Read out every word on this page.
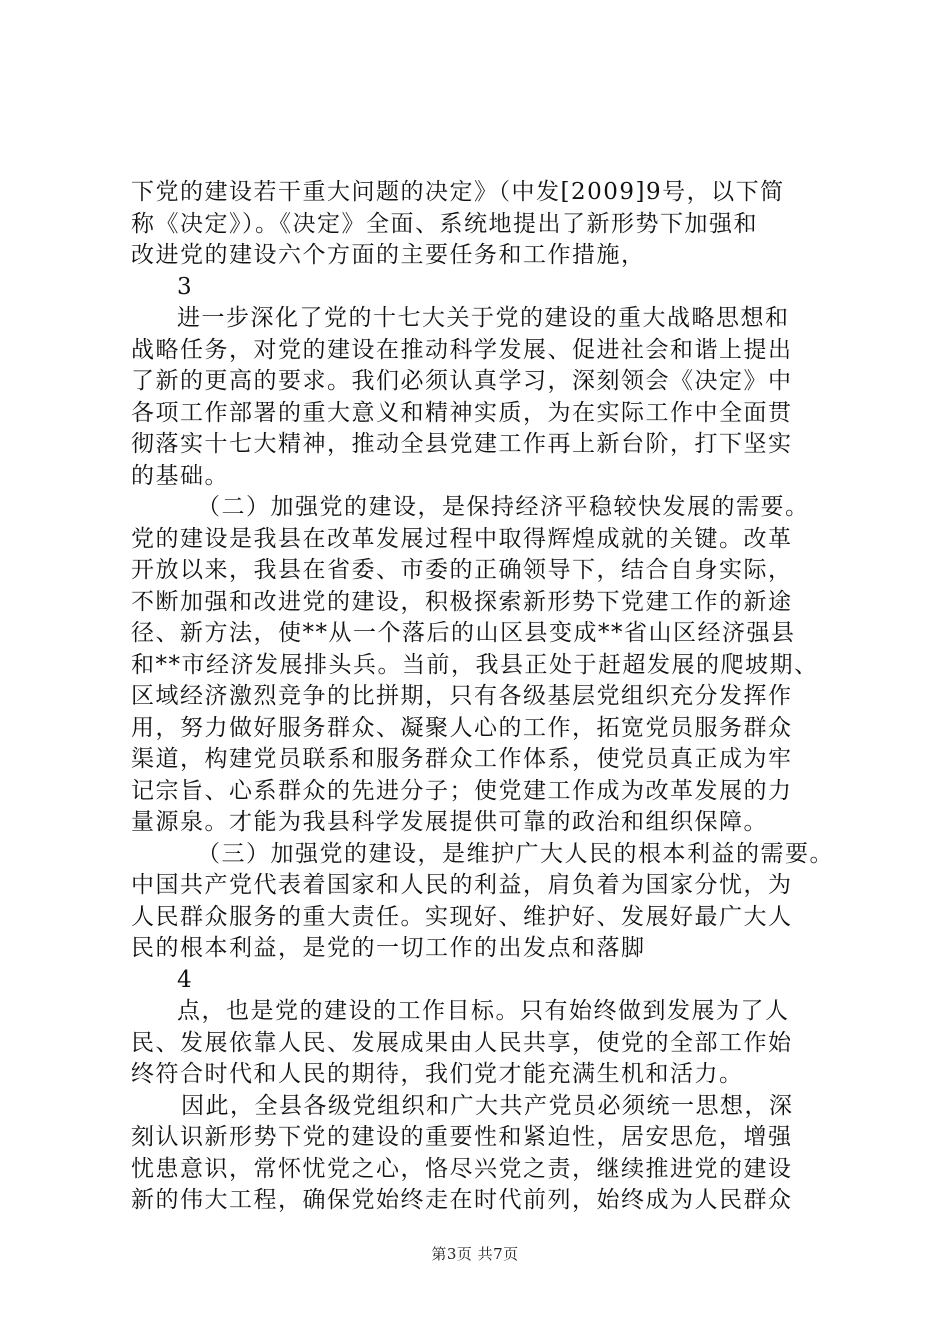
下党的建设若干重大问题的决定》（中发[2009]9号，以下简
称《决定》）。《决定》全面、系统地提出了新形势下加强和
改进党的建设六个方面的主要任务和工作措施，
3
进一步深化了党的十七大关于党的建设的重大战略思想和
战略任务，对党的建设在推动科学发展、促进社会和谐上提出
了新的更高的要求。我们必须认真学习，深刻领会《决定》中
各项工作部署的重大意义和精神实质，为在实际工作中全面贯
彻落实十七大精神，推动全县党建工作再上新台阶，打下坚实
的基础。
（二）加强党的建设，是保持经济平稳较快发展的需要。
党的建设是我县在改革发展过程中取得辉煌成就的关键。改革
开放以来，我县在省委、市委的正确领导下，结合自身实际，
不断加强和改进党的建设，积极探索新形势下党建工作的新途
径、新方法，使**从一个落后的山区县变成**省山区经济强县
和**市经济发展排头兵。当前，我县正处于赶超发展的爬坡期、
区域经济激烈竞争的比拼期，只有各级基层党组织充分发挥作
用，努力做好服务群众、凝聚人心的工作，拓宽党员服务群众
渠道，构建党员联系和服务群众工作体系，使党员真正成为牢
记宗旨、心系群众的先进分子；使党建工作成为改革发展的力
量源泉。才能为我县科学发展提供可靠的政治和组织保障。
（三）加强党的建设，是维护广大人民的根本利益的需要。
中国共产党代表着国家和人民的利益，肩负着为国家分忧，为
人民群众服务的重大责任。实现好、维护好、发展好最广大人
民的根本利益，是党的一切工作的出发点和落脚
4
点，也是党的建设的工作目标。只有始终做到发展为了人
民、发展依靠人民、发展成果由人民共享，使党的全部工作始
终符合时代和人民的期待，我们党才能充满生机和活力。
因此，全县各级党组织和广大共产党员必须统一思想，深
刻认识新形势下党的建设的重要性和紧迫性，居安思危，增强
忧患意识，常怀忧党之心，恪尽兴党之责，继续推进党的建设
新的伟大工程，确保党始终走在时代前列，始终成为人民群众
第3页 共7页
